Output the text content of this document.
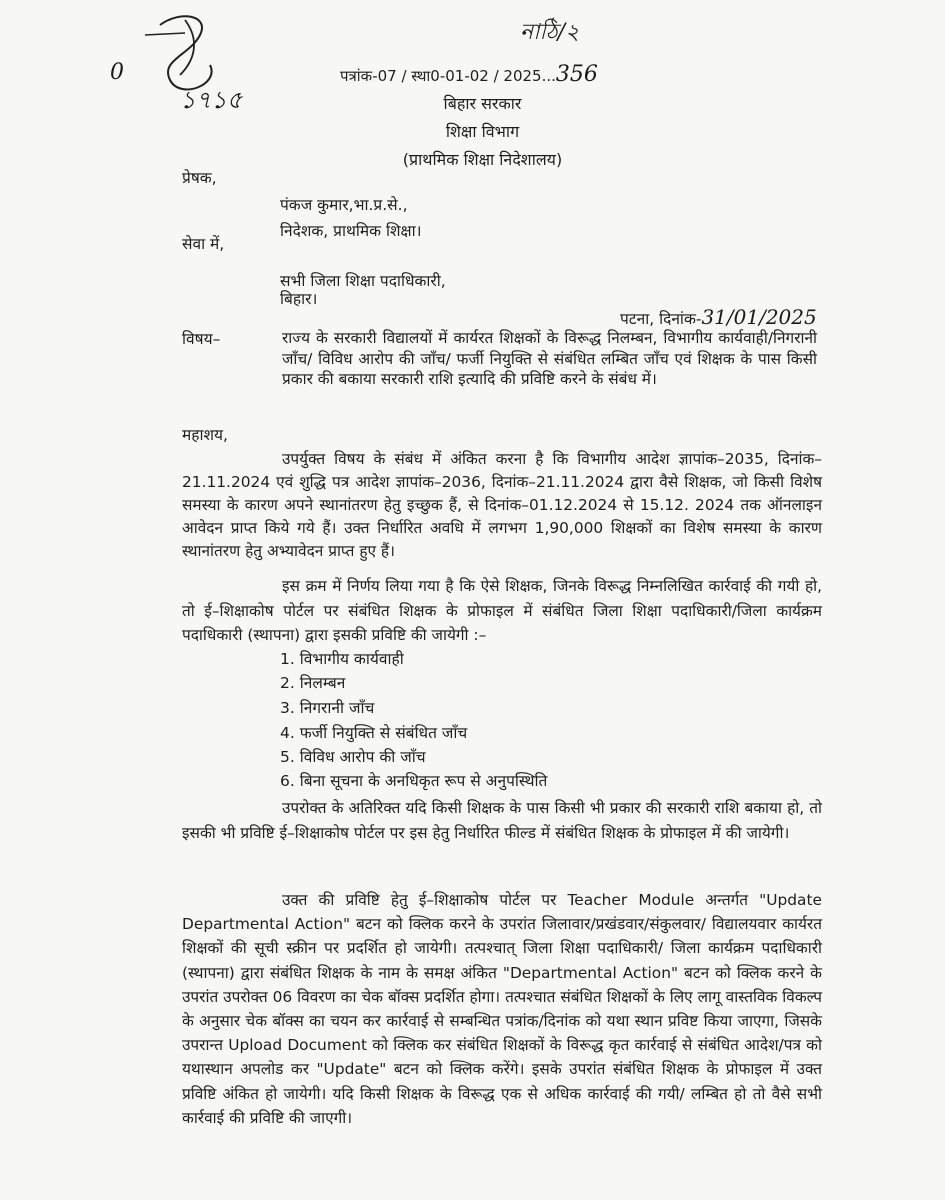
0
১৭১৫
নাঠি/২
पत्रांक-07 / स्था0-01-02 / 2025...356
बिहार सरकार
शिक्षा विभाग
(प्राथमिक शिक्षा निदेशालय)
प्रेषक,
पंकज कुमार,भा.प्र.से.,
निदेशक, प्राथमिक शिक्षा।
सेवा में,
सभी जिला शिक्षा पदाधिकारी,
बिहार।
पटना, दिनांक-31/01/2025
विषय–	राज्य के सरकारी विद्यालयों में कार्यरत शिक्षकों के विरूद्ध निलम्बन, विभागीय कार्यवाही/निगरानी जाँच/ विविध आरोप की जाँच/ फर्जी नियुक्ति से संबंधित लम्बित जाँच एवं शिक्षक के पास किसी प्रकार की बकाया सरकारी राशि इत्यादि की प्रविष्टि करने के संबंध में।
महाशय,
उपर्युक्त विषय के संबंध में अंकित करना है कि विभागीय आदेश ज्ञापांक–2035, दिनांक–21.11.2024 एवं शुद्धि पत्र आदेश ज्ञापांक–2036, दिनांक–21.11.2024 द्वारा वैसे शिक्षक, जो किसी विशेष समस्या के कारण अपने स्थानांतरण हेतु इच्छुक हैं, से दिनांक–01.12.2024 से 15.12. 2024 तक ऑनलाइन आवेदन प्राप्त किये गये हैं। उक्त निर्धारित अवधि में लगभग 1,90,000 शिक्षकों का विशेष समस्या के कारण स्थानांतरण हेतु अभ्यावेदन प्राप्त हुए हैं।
इस क्रम में निर्णय लिया गया है कि ऐसे शिक्षक, जिनके विरूद्ध निम्नलिखित कार्रवाई की गयी हो, तो ई–शिक्षाकोष पोर्टल पर संबंधित शिक्षक के प्रोफाइल में संबंधित जिला शिक्षा पदाधिकारी/जिला कार्यक्रम पदाधिकारी (स्थापना) द्वारा इसकी प्रविष्टि की जायेगी :–
1. विभागीय कार्यवाही
2. निलम्बन
3. निगरानी जाँच
4. फर्जी नियुक्ति से संबंधित जाँच
5. विविध आरोप की जाँच
6. बिना सूचना के अनधिकृत रूप से अनुपस्थिति
उपरोक्त के अतिरिक्त यदि किसी शिक्षक के पास किसी भी प्रकार की सरकारी राशि बकाया हो, तो इसकी भी प्रविष्टि ई–शिक्षाकोष पोर्टल पर इस हेतु निर्धारित फील्ड में संबंधित शिक्षक के प्रोफाइल में की जायेगी।
उक्त की प्रविष्टि हेतु ई–शिक्षाकोष पोर्टल पर Teacher Module अन्तर्गत "Update Departmental Action" बटन को क्लिक करने के उपरांत जिलावार/प्रखंडवार/संकुलवार/ विद्यालयवार कार्यरत शिक्षकों की सूची स्क्रीन पर प्रदर्शित हो जायेगी। तत्पश्चात् जिला शिक्षा पदाधिकारी/ जिला कार्यक्रम पदाधिकारी (स्थापना) द्वारा संबंधित शिक्षक के नाम के समक्ष अंकित "Departmental Action" बटन को क्लिक करने के उपरांत उपरोक्त 06 विवरण का चेक बॉक्स प्रदर्शित होगा। तत्पश्चात संबंधित शिक्षकों के लिए लागू वास्तविक विकल्प के अनुसार चेक बॉक्स का चयन कर कार्रवाई से सम्बन्धित पत्रांक/दिनांक को यथा स्थान प्रविष्ट किया जाएगा, जिसके उपरान्त Upload Document को क्लिक कर संबंधित शिक्षकों के विरूद्ध कृत कार्रवाई से संबंधित आदेश/पत्र को यथास्थान अपलोड कर "Update" बटन को क्लिक करेंगे। इसके उपरांत संबंधित शिक्षक के प्रोफाइल में उक्त प्रविष्टि अंकित हो जायेगी। यदि किसी शिक्षक के विरूद्ध एक से अधिक कार्रवाई की गयी/ लम्बित हो तो वैसे सभी कार्रवाई की प्रविष्टि की जाएगी।
